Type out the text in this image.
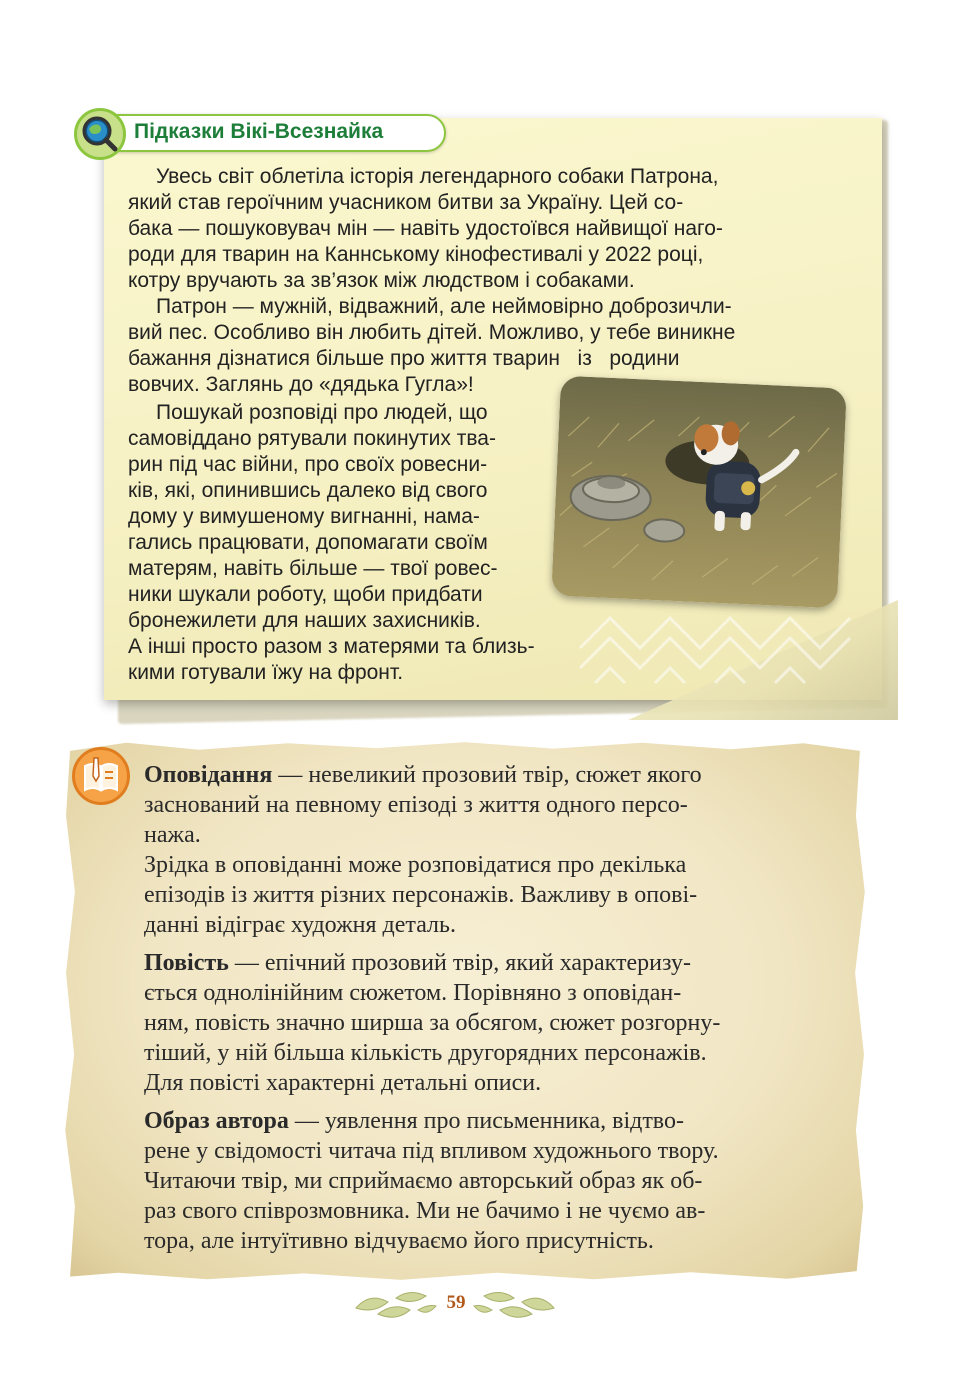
Підказки Вікі-Всезнайка
Увесь світ облетіла історія легендарного собаки Патрона,
який став героїчним учасником битви за Україну. Цей со-
бака — пошуковувач мін — навіть удостоївся найвищої наго-
роди для тварин на Каннському кінофестивалі у 2022 році,
котру вручають за зв’язок між людством і собаками.
Патрон — мужній, відважний, але неймовірно доброзичли-
вий пес. Особливо він любить дітей. Можливо, у тебе виникне
бажання дізнатися більше про життя тварин   із   родини
вовчих. Заглянь до «дядька Гугла»!
Пошукай розповіді про людей, що
самовіддано рятували покинутих тва-
рин під час війни, про своїх ровесни-
ків, які, опинившись далеко від свого
дому у вимушеному вигнанні, нама-
гались працювати, допомагати своїм
матерям, навіть більше — твої ровес-
ники шукали роботу, щоби придбати
бронежилети для наших захисників.
А інші просто разом з матерями та близь-
кими готували їжу на фронт.
Оповідання — невеликий прозовий твір, сюжет якого
заснований на певному епізоді з життя одного персо-
нажа.
Зрідка в оповіданні може розповідатися про декілька
епізодів із життя різних персонажів. Важливу в опові-
данні відіграє художня деталь.
Повість — епічний прозовий твір, який характеризу-
ється однолінійним сюжетом. Порівняно з оповідан-
ням, повість значно ширша за обсягом, сюжет розгорну-
тіший, у ній більша кількість другорядних персонажів.
Для повісті характерні детальні описи.
Образ автора — уявлення про письменника, відтво-
рене у свідомості читача під впливом художнього твору.
Читаючи твір, ми сприймаємо авторський образ як об-
раз свого співрозмовника. Ми не бачимо і не чуємо ав-
тора, але інтуїтивно відчуваємо його присутність.
59
